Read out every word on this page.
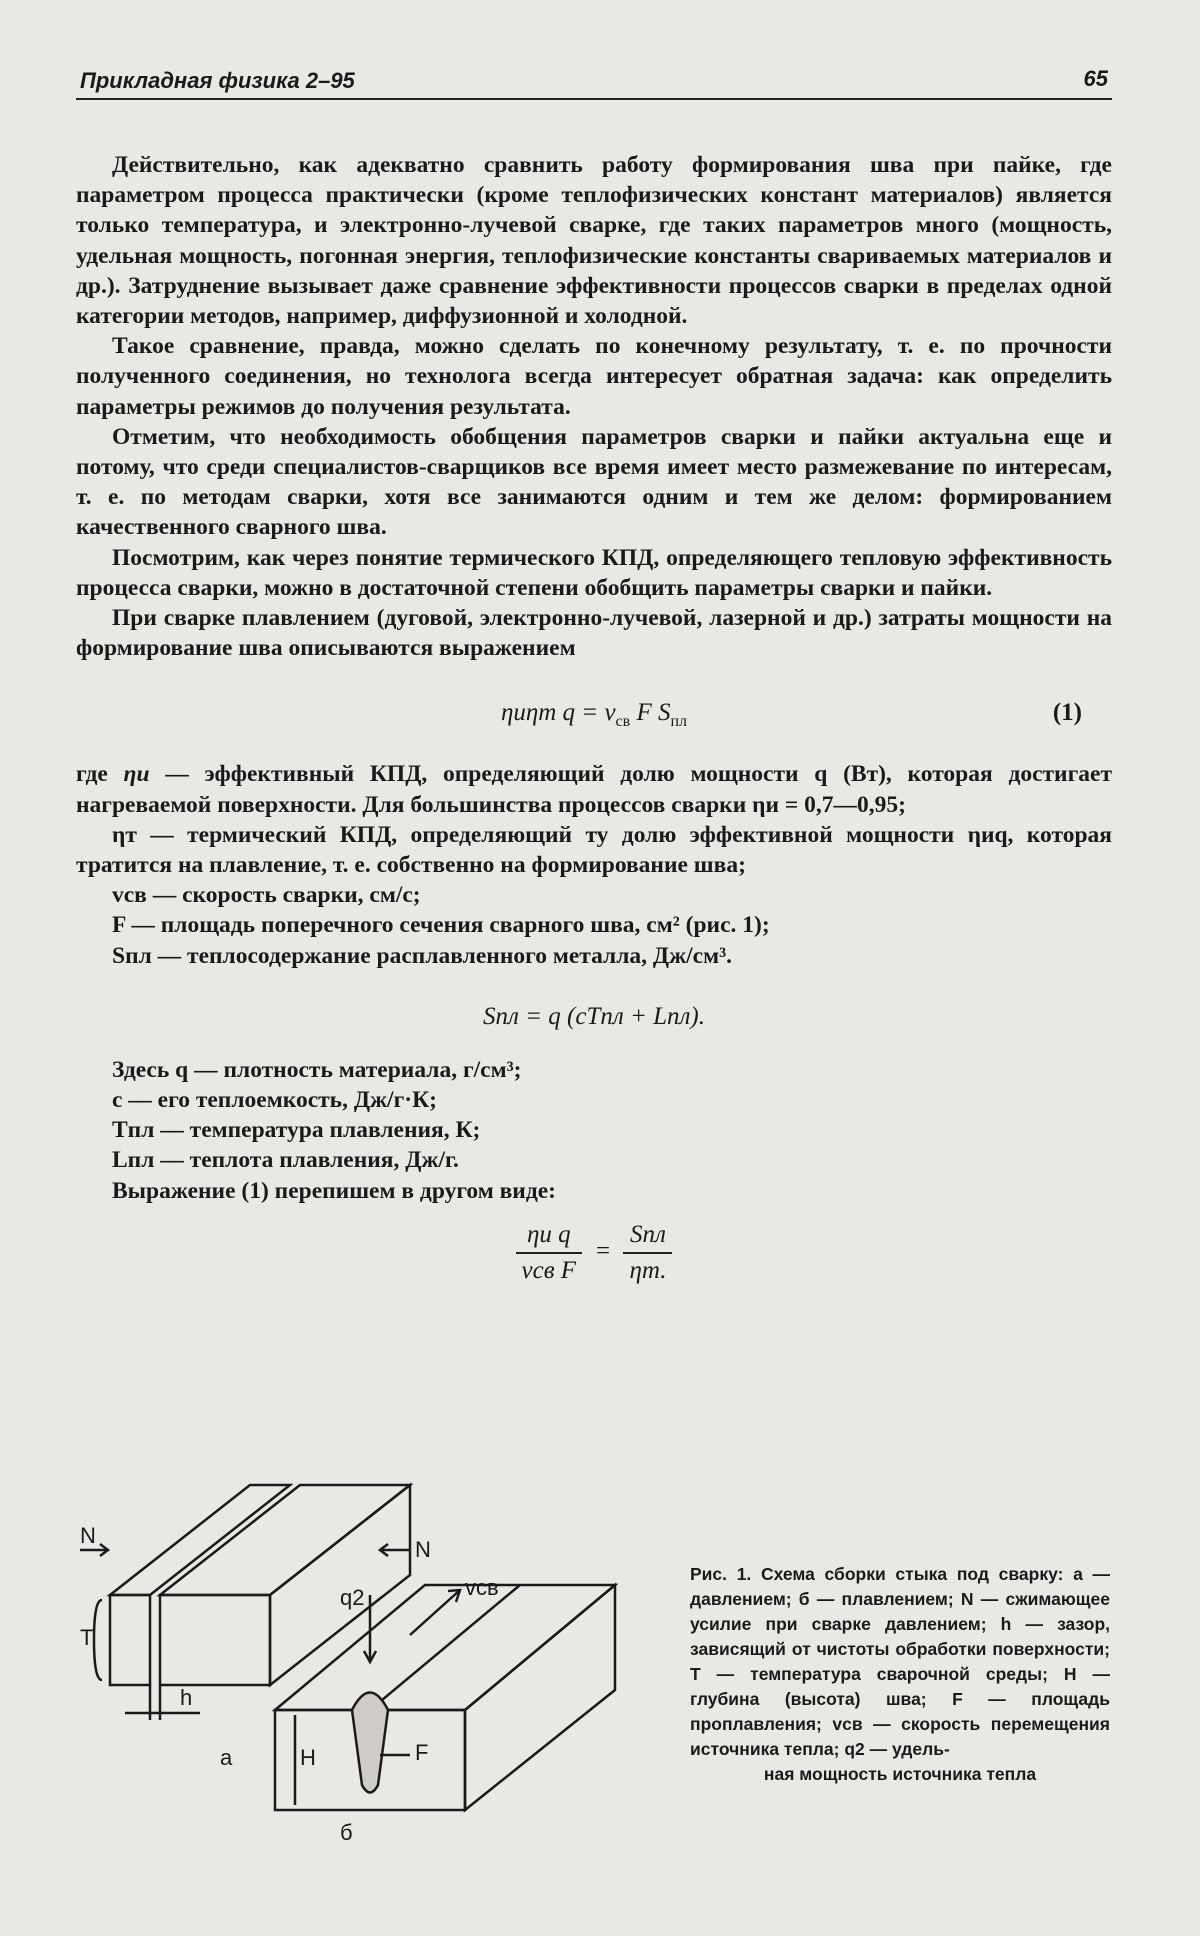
Прикладная физика 2–95	65

Действительно, как адекватно сравнить работу формирования шва при пайке, где параметром процесса практически (кроме теплофизических констант материалов) является только температура, и электронно-лучевой сварке, где таких параметров много (мощность, удельная мощность, погонная энергия, теплофизические константы свариваемых материалов и др.). Затруднение вызывает даже сравнение эффективности процессов сварки в пределах одной категории методов, например, диффузионной и холодной.

Такое сравнение, правда, можно сделать по конечному результату, т. е. по прочности полученного соединения, но технолога всегда интересует обратная задача: как определить параметры режимов до получения результата.

Отметим, что необходимость обобщения параметров сварки и пайки актуальна еще и потому, что среди специалистов-сварщиков все время имеет место размежевание по интересам, т. е. по методам сварки, хотя все занимаются одним и тем же делом: формированием качественного сварного шва.

Посмотрим, как через понятие термического КПД, определяющего тепловую эффективность процесса сварки, можно в достаточной степени обобщить параметры сварки и пайки.

При сварке плавлением (дуговой, электронно-лучевой, лазерной и др.) затраты мощности на формирование шва описываются выражением

ηиηт $q = v_{св}$ F $S_{пл}$	(1)

где ηи — эффективный КПД, определяющий долю мощности q (Вт), которая достигает нагреваемой поверхности. Для большинства процессов сварки ηи = 0,7—0,95;

ηт — термический КПД, определяющий ту долю эффективной мощности ηиq, которая тратится на плавление, т. е. собственно на формирование шва;

vсв — скорость сварки, см/с;
F — площадь поперечного сечения сварного шва, см² (рис. 1);
Sпл — теплосодержание расплавленного металла, Дж/см³.
Sпл = q (cTпл + Lпл).
Здесь q — плотность материала, г/см³;
c — его теплоемкость, Дж/г·К;
Tпл — температура плавления, К;
Lпл — теплота плавления, Дж/г.
Выражение (1) перепишем в другом виде:
$\frac{\text{ηи q}}{\text{vсв F}} = \frac{\text{Sпл}}{\eta т.}$
N
N
T
h
а
q2	vсв
H	F
б
Рис. 1. Схема сборки стыка под сварку: а — давлением; б — плавлением; N — сжимающее усилие при сварке давлением; h — зазор, зависящий от чистоты обработки поверхности; T — температура сварочной среды; H — глубина (высота) шва; F — площадь проплавления; vсв — скорость перемещения источника тепла; q2 — удель-
ная мощность источника тепла
